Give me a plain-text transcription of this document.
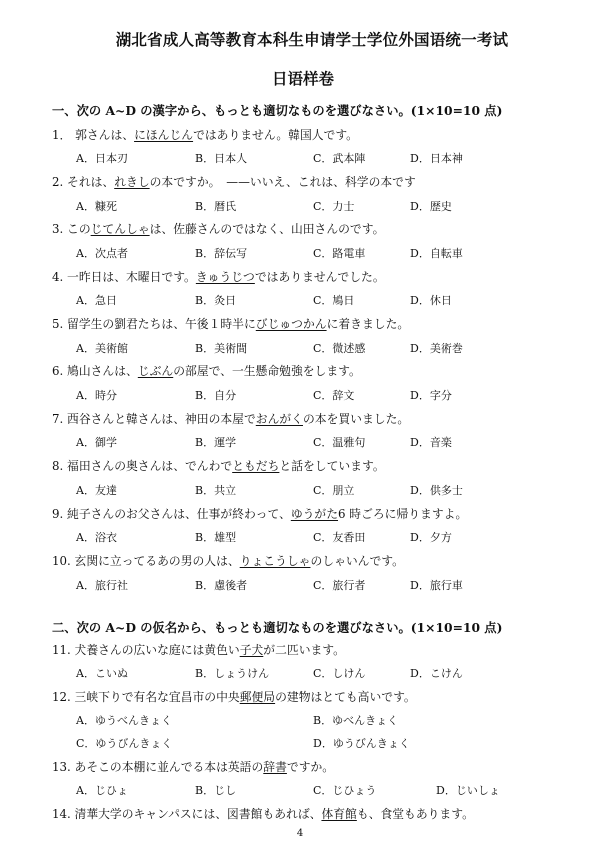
湖北省成人高等教育本科生申请学士学位外国语统一考试
日语样卷
一、次の A~D の漢字から、もっとも適切なものを選びなさい。(1×10=10 点)
1． 郭さんは、にほんじんではありません。韓国人です。
A．日本刃	B．日本人	C．武本陣	D．日本神
2. それは、れきしの本ですか。　——いいえ、これは、科学の本です
A．糠死	B．暦氏	C．力士	D．歴史
3. このじてんしゃは、佐藤さんのではなく、山田さんのです。
A．次点者	B．辞伝写	C．路電車	D．自転車
4. 一昨日は、木曜日です。きゅうじつではありませんでした。
A．急日	B．灸日	C．鳩日	D．休日
5. 留学生の劉君たちは、午後１時半にびじゅつかんに着きました。
A．美術館	B．美術間	C．微述感	D．美術巻
6. 鳩山さんは、じぶんの部屋で、一生懸命勉強をします。
A．時分	B．自分	C．辞文	D．字分
7. 西谷さんと韓さんは、神田の本屋でおんがくの本を買いました。
A．御学	B．運学	C．温雅句	D．音楽
8. 福田さんの奥さんは、でんわでともだちと話をしています。
A．友達	B．共立	C．朋立	D．供多士
9. 純子さんのお父さんは、仕事が終わって、ゆうがた6 時ごろに帰りますよ。
A．浴衣	B．雄型	C．友香田	D．夕方
10. 玄関に立ってるあの男の人は、りょこうしゃのしゃいんです。
A．旅行社	B．慮後者	C．旅行者	D．旅行車
二、次の A~D の仮名から、もっとも適切なものを選びなさい。(1×10=10 点)
11. 犬養さんの広いな庭には黄色い子犬が二匹います。
A．こいぬ	B．しょうけん	C．しけん	D．こけん
12. 三峡下りで有名な宜昌市の中央郵便局の建物はとても高いです。
A．ゆうべんきょく	B．ゆべんきょく
C．ゆうびんきょく	D．ゆうびんきょく
13. あそこの本棚に並んでる本は英語の辞書ですか。
A．じひょ	B．じし	C．じひょう	D．じいしょ
14. 清華大学のキャンパスには、図書館もあれば、体育館も、食堂もあります。
4
